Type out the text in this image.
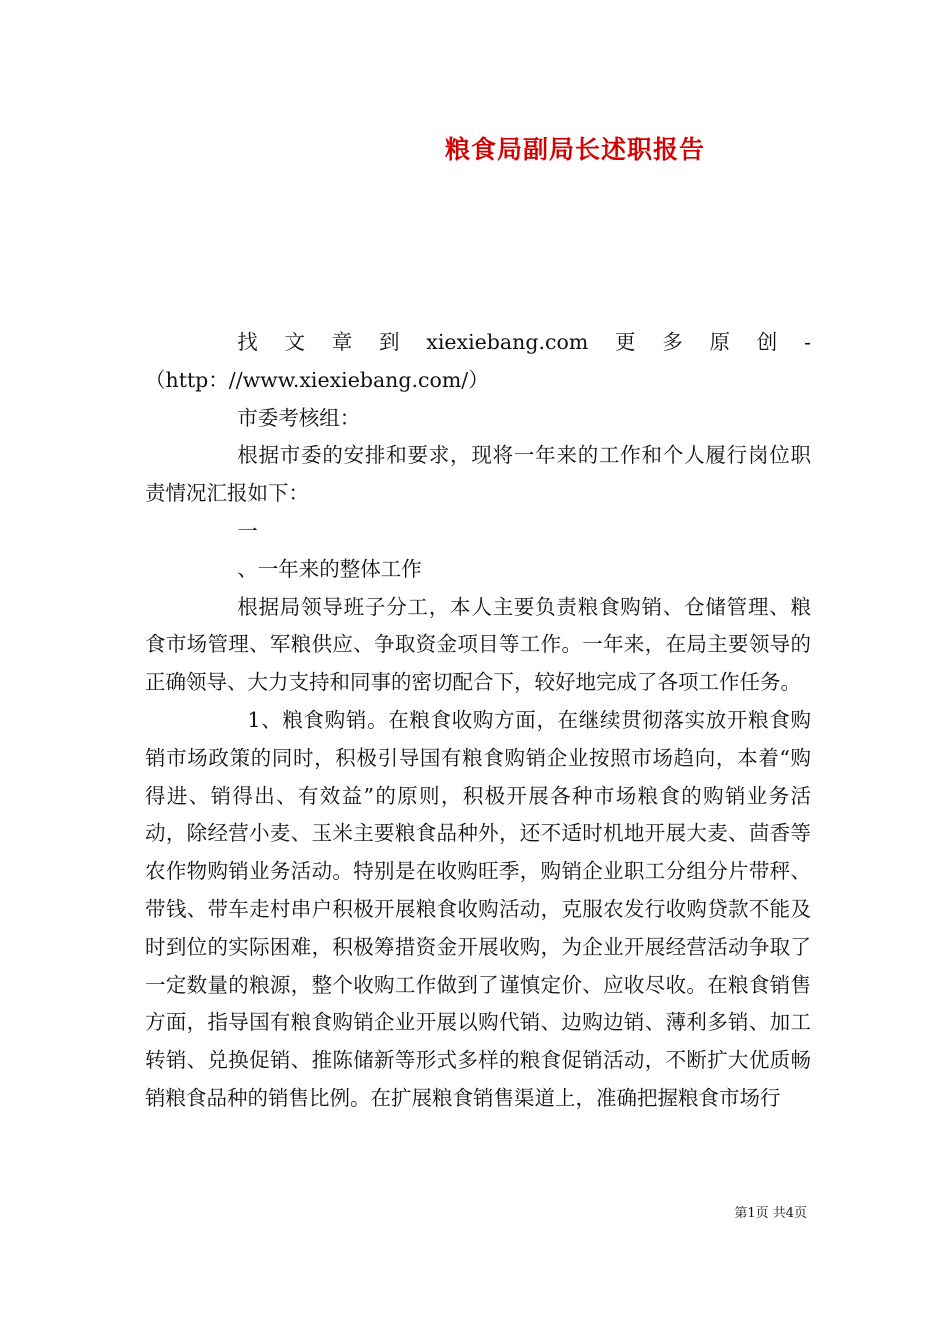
粮食局副局长述职报告

找文章到xiexiebang.com更多原创-（http：//www.xiexiebang.com/）

市委考核组：

根据市委的安排和要求，现将一年来的工作和个人履行岗位职责情况汇报如下：

一

、一年来的整体工作

根据局领导班子分工，本人主要负责粮食购销、仓储管理、粮食市场管理、军粮供应、争取资金项目等工作。一年来，在局主要领导的正确领导、大力支持和同事的密切配合下，较好地完成了各项工作任务。

1、粮食购销。在粮食收购方面，在继续贯彻落实放开粮食购销市场政策的同时，积极引导国有粮食购销企业按照市场趋向，本着“购得进、销得出、有效益”的原则，积极开展各种市场粮食的购销业务活动，除经营小麦、玉米主要粮食品种外，还不适时机地开展大麦、茴香等农作物购销业务活动。特别是在收购旺季，购销企业职工分组分片带秤、带钱、带车走村串户积极开展粮食收购活动，克服农发行收购贷款不能及时到位的实际困难，积极筹措资金开展收购，为企业开展经营活动争取了一定数量的粮源，整个收购工作做到了谨慎定价、应收尽收。在粮食销售方面，指导国有粮食购销企业开展以购代销、边购边销、薄利多销、加工转销、兑换促销、推陈储新等形式多样的粮食促销活动，不断扩大优质畅销粮食品种的销售比例。在扩展粮食销售渠道上，准确把握粮食市场行

第1页 共4页
